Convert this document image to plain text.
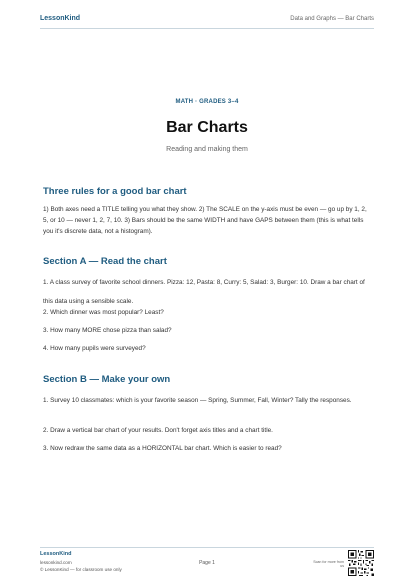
LessonKind	Data and Graphs — Bar Charts
MATH · GRADES 3–4
Bar Charts
Reading and making them
Three rules for a good bar chart
1) Both axes need a TITLE telling you what they show. 2) The SCALE on the y-axis must be even — go up by 1, 2, 5, or 10 — never 1, 2, 7, 10. 3) Bars should be the same WIDTH and have GAPS between them (this is what tells you it's discrete data, not a histogram).
Section A — Read the chart
1. A class survey of favorite school dinners. Pizza: 12, Pasta: 8, Curry: 5, Salad: 3, Burger: 10. Draw a bar chart of this data using a sensible scale.
2. Which dinner was most popular? Least?
3. How many MORE chose pizza than salad?
4. How many pupils were surveyed?
Section B — Make your own
1. Survey 10 classmates: which is your favorite season — Spring, Summer, Fall, Winter? Tally the responses.
2. Draw a vertical bar chart of your results. Don't forget axis titles and a chart title.
3. Now redraw the same data as a HORIZONTAL bar chart. Which is easier to read?
LessonKind
lessonkind.com
© LessonKind — for classroom use only
Page 1	Scan for more from us
